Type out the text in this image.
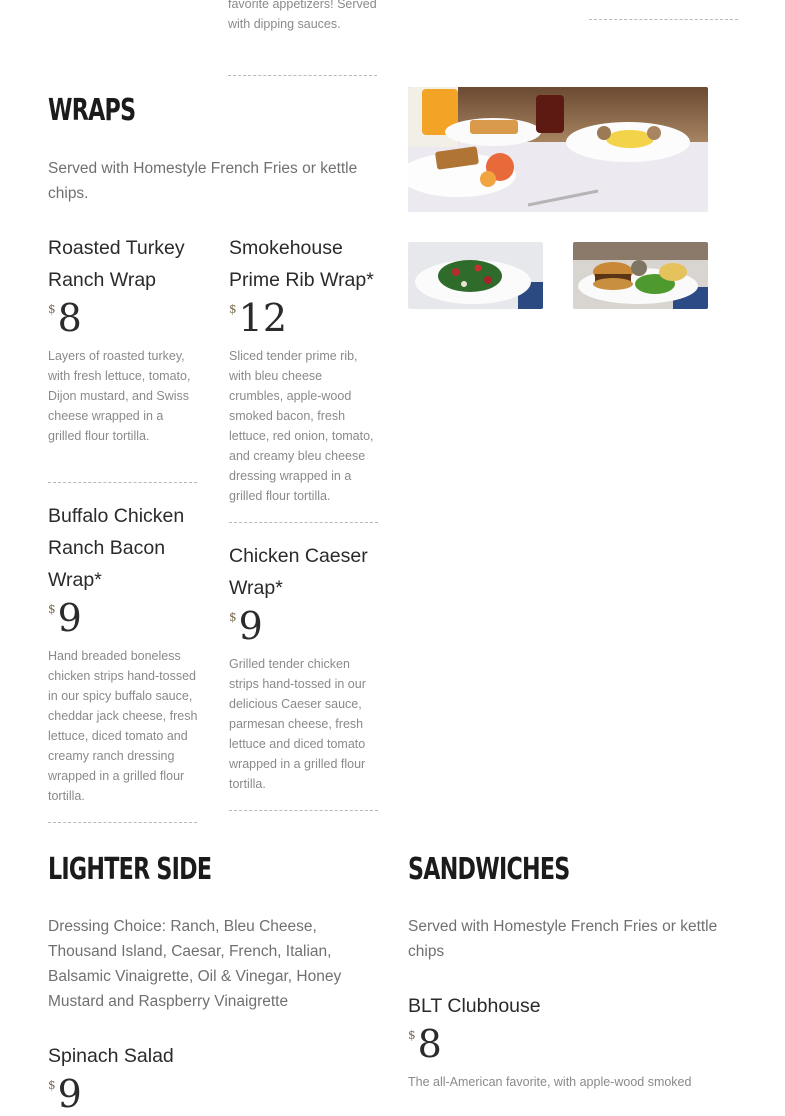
favorite appetizers! Served with dipping sauces.

WRAPS

Served with Homestyle French Fries or kettle chips.

Roasted Turkey Ranch Wrap

$ 8

Layers of roasted turkey, with fresh lettuce, tomato, Dijon mustard, and Swiss cheese wrapped in a grilled flour tortilla.

Smokehouse Prime Rib Wrap*

$ 12

Sliced tender prime rib, with bleu cheese crumbles, apple-wood smoked bacon, fresh lettuce, red onion, tomato, and creamy bleu cheese dressing wrapped in a grilled flour tortilla.

Buffalo Chicken Ranch Bacon Wrap*

$ 9

Hand breaded boneless chicken strips hand-tossed in our spicy buffalo sauce, cheddar jack cheese, fresh lettuce, diced tomato and creamy ranch dressing wrapped in a grilled flour tortilla.

Chicken Caeser Wrap*

$ 9

Grilled tender chicken strips hand-tossed in our delicious Caeser sauce, parmesan cheese, fresh lettuce and diced tomato wrapped in a grilled flour tortilla.

LIGHTER SIDE

Dressing Choice: Ranch, Bleu Cheese, Thousand Island, Caesar, French, Italian, Balsamic Vinaigrette, Oil & Vinegar, Honey Mustard and Raspberry Vinaigrette

Spinach Salad

$ 9
SANDWICHES

Served with Homestyle French Fries or kettle chips

BLT Clubhouse

$ 8

The all-American favorite, with apple-wood smoked
